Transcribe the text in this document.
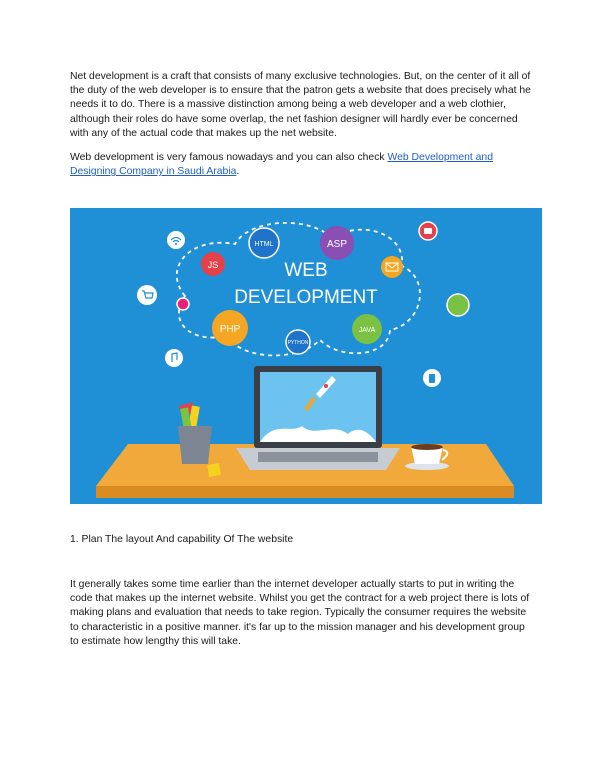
Net development is a craft that consists of many exclusive technologies. But, on the center of it all of the duty of the web developer is to ensure that the patron gets a website that does precisely what he needs it to do. There is a massive distinction among being a web developer and a web clothier, although their roles do have some overlap, the net fashion designer will hardly ever be concerned with any of the actual code that makes up the net website.

Web development is very famous nowadays and you can also check Web Development and Designing Company in Saudi Arabia.

WEB
DEVELOPMENT
HTML	ASP
JS
PHP	JAVA
PYTHON

1. Plan The layout And capability Of The website

It generally takes some time earlier than the internet developer actually starts to put in writing the code that makes up the internet website. Whilst you get the contract for a web project there is lots of making plans and evaluation that needs to take region. Typically the consumer requires the website to characteristic in a positive manner. it's far up to the mission manager and his development group to estimate how lengthy this will take.
